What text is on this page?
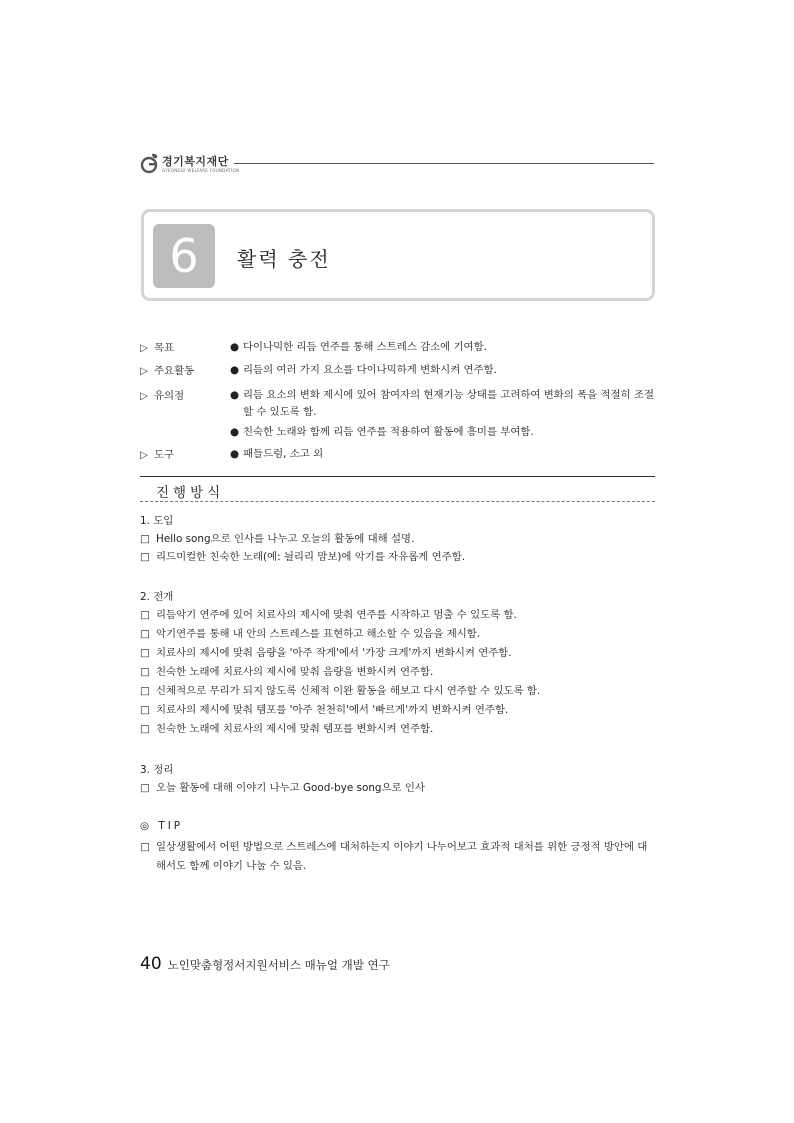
경기복지재단
GYEONGGI WELFARE FOUNDATION
6	활력 충전
▷ 목표	● 다이나믹한 리듬 연주를 통해 스트레스 감소에 기여함.
▷ 주요활동	● 리듬의 여러 가지 요소를 다이나믹하게 변화시켜 연주함.
▷ 유의점	● 리듬 요소의 변화 제시에 있어 참여자의 현재기능 상태를 고려하여 변화의 폭을 적절히 조절할 수 있도록 함.
● 친숙한 노래와 함께 리듬 연주를 적용하여 활동에 흥미를 부여함.
▷ 도구	● 패들드럼, 소고 외
진행방식
1. 도입
□ Hello song으로 인사를 나누고 오늘의 활동에 대해 설명.
□ 리드미컬한 친숙한 노래(예: 늴리리 맘보)에 악기를 자유롭게 연주함.
2. 전개
□ 리듬악기 연주에 있어 치료사의 제시에 맞춰 연주를 시작하고 멈출 수 있도록 함.
□ 악기연주를 통해 내 안의 스트레스를 표현하고 해소할 수 있음을 제시함.
□ 치료사의 제시에 맞춰 음량을 '아주 작게'에서 '가장 크게'까지 변화시켜 연주함.
□ 친숙한 노래에 치료사의 제시에 맞춰 음량을 변화시켜 연주함.
□ 신체적으로 무리가 되지 않도록 신체적 이완 활동을 해보고 다시 연주할 수 있도록 함.
□ 치료사의 제시에 맞춰 템포를 '아주 천천히'에서 '빠르게'까지 변화시켜 연주함.
□ 친숙한 노래에 치료사의 제시에 맞춰 템포를 변화시켜 연주함.
3. 정리
□ 오늘 활동에 대해 이야기 나누고 Good-bye song으로 인사
◎ TIP
□ 일상생활에서 어떤 방법으로 스트레스에 대처하는지 이야기 나누어보고 효과적 대처를 위한 긍정적 방안에 대해서도 함께 이야기 나눌 수 있음.
40 노인맞춤형정서지원서비스 매뉴얼 개발 연구
